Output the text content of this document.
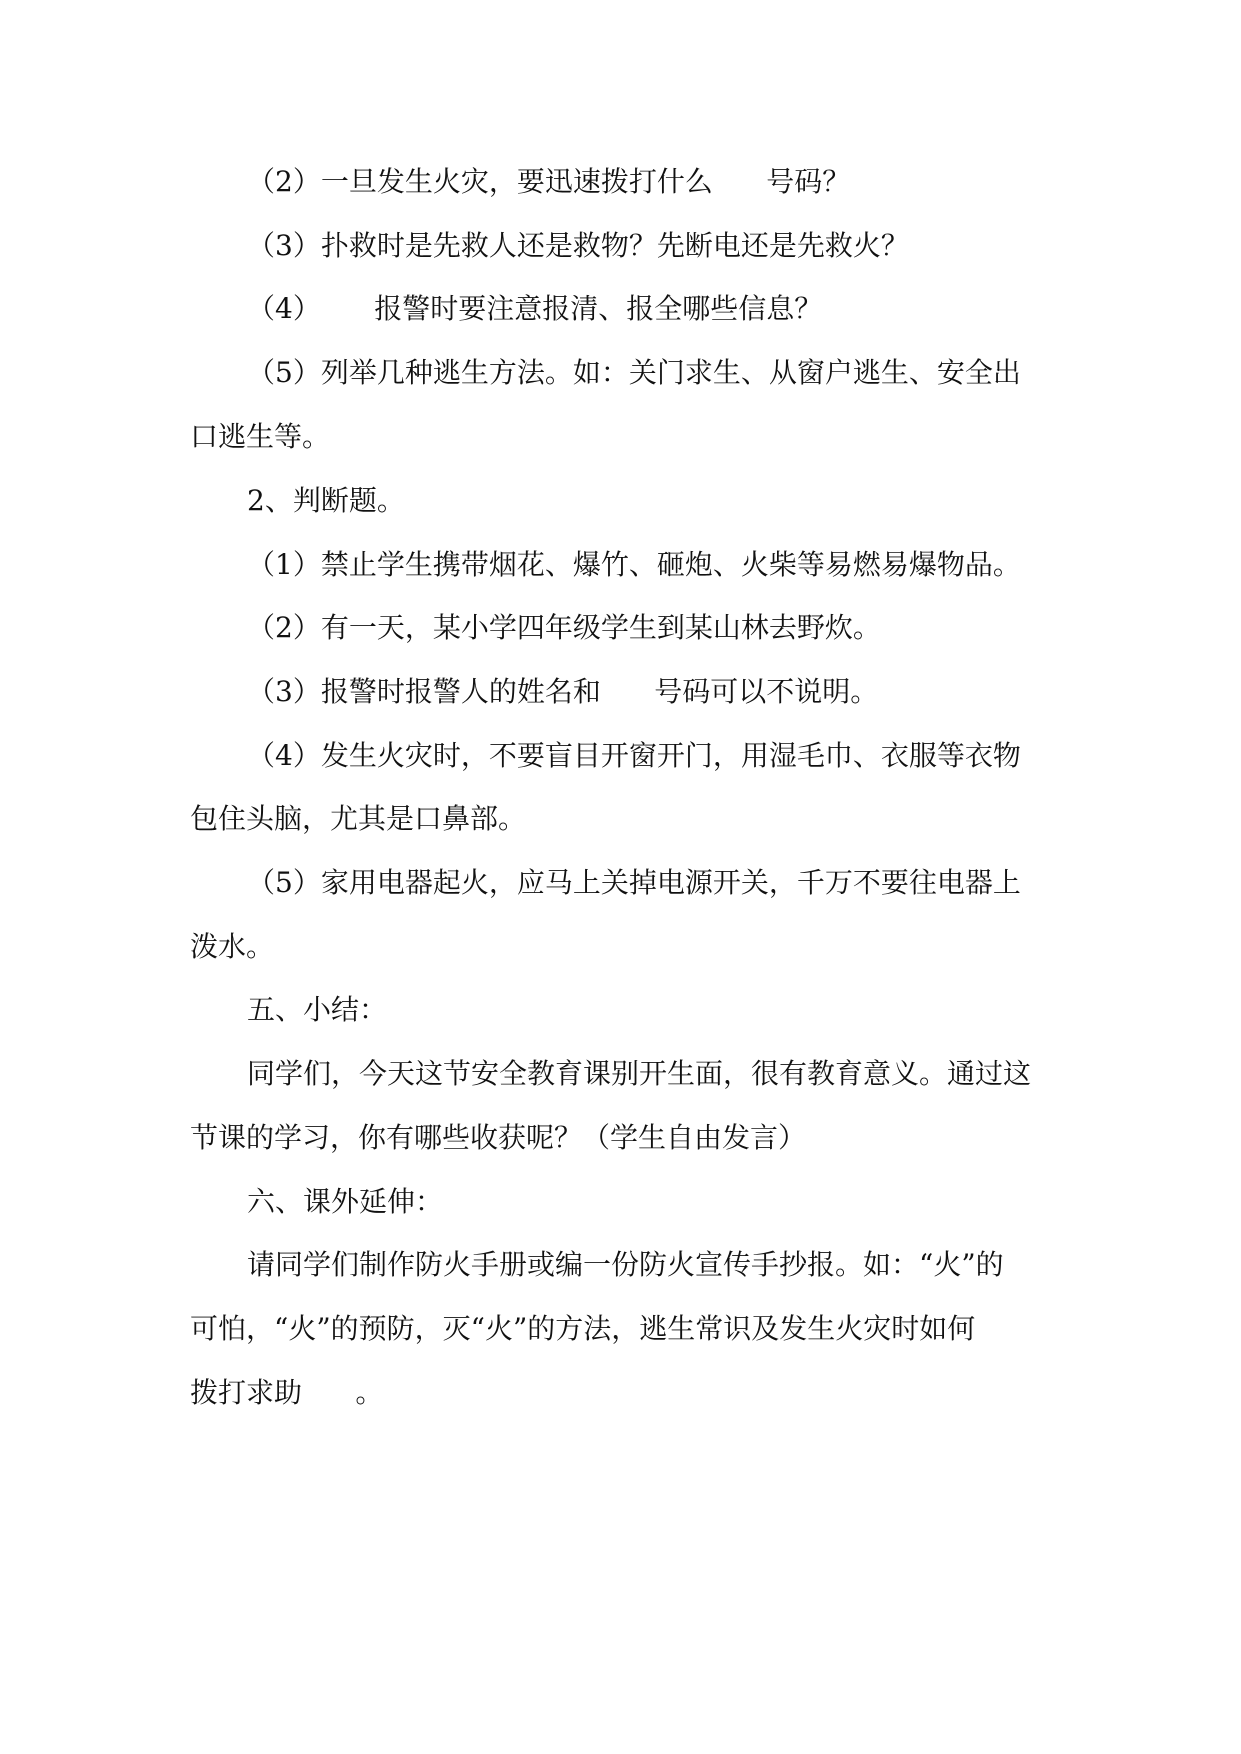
（2）一旦发生火灾，要迅速拨打什么      号码？

（3）扑救时是先救人还是救物？先断电还是先救火？

（4）      报警时要注意报清、报全哪些信息？

（5）列举几种逃生方法。如：关门求生、从窗户逃生、安全出

口逃生等。

2、判断题。

（1）禁止学生携带烟花、爆竹、砸炮、火柴等易燃易爆物品。

（2）有一天，某小学四年级学生到某山林去野炊。

（3）报警时报警人的姓名和      号码可以不说明。

（4）发生火灾时，不要盲目开窗开门，用湿毛巾、衣服等衣物

包住头脑，尤其是口鼻部。

（5）家用电器起火，应马上关掉电源开关，千万不要往电器上

泼水。

五、小结：

同学们，今天这节安全教育课别开生面，很有教育意义。通过这

节课的学习，你有哪些收获呢？（学生自由发言）

六、课外延伸：

请同学们制作防火手册或编一份防火宣传手抄报。如：“火”的

可怕，“火”的预防，灭“火”的方法，逃生常识及发生火灾时如何

拨打求助      。
